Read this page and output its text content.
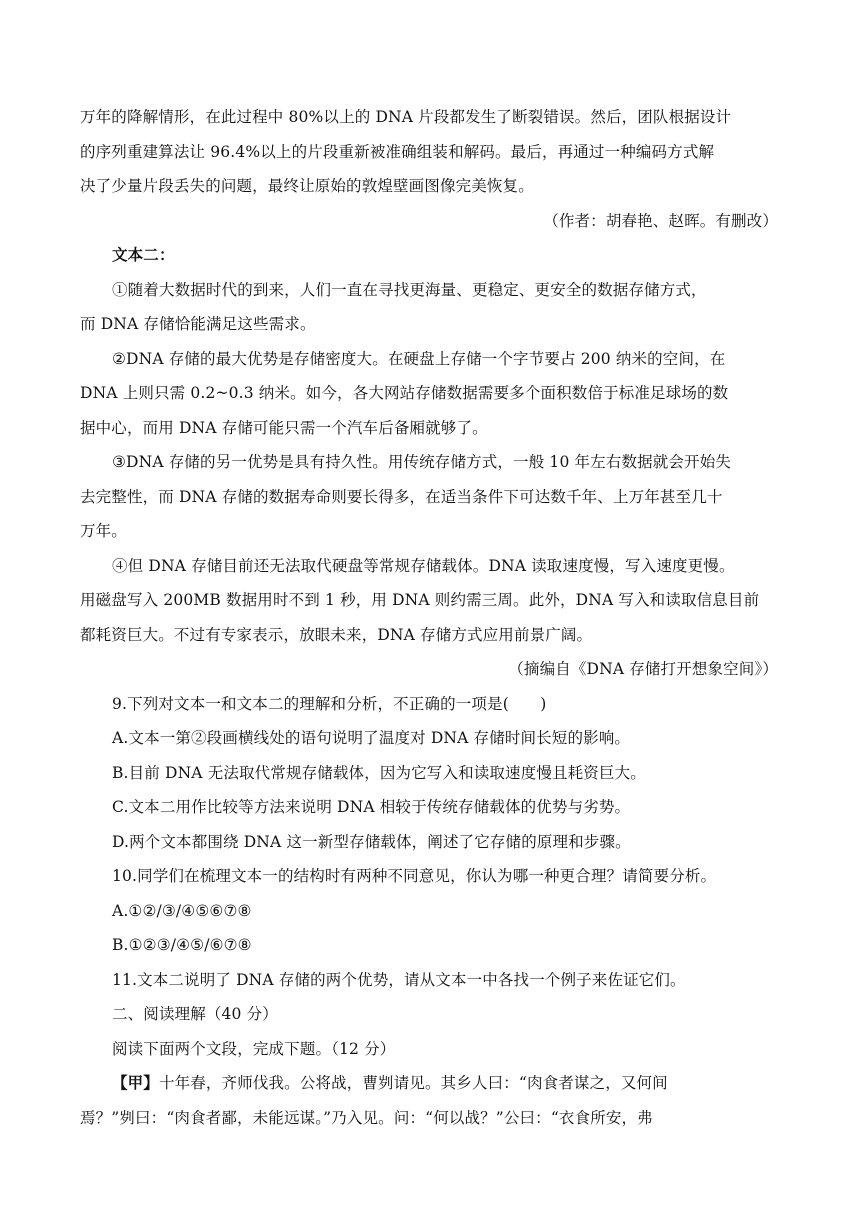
万年的降解情形，在此过程中 80%以上的 DNA 片段都发生了断裂错误。然后，团队根据设计
的序列重建算法让 96.4%以上的片段重新被准确组装和解码。最后，再通过一种编码方式解
决了少量片段丢失的问题，最终让原始的敦煌壁画图像完美恢复。
（作者：胡春艳、赵晖。有删改）
文本二：
①随着大数据时代的到来，人们一直在寻找更海量、更稳定、更安全的数据存储方式，
而 DNA 存储恰能满足这些需求。
②DNA 存储的最大优势是存储密度大。在硬盘上存储一个字节要占 200 纳米的空间，在
DNA 上则只需 0.2~0.3 纳米。如今，各大网站存储数据需要多个面积数倍于标准足球场的数
据中心，而用 DNA 存储可能只需一个汽车后备厢就够了。
③DNA 存储的另一优势是具有持久性。用传统存储方式，一般 10 年左右数据就会开始失
去完整性，而 DNA 存储的数据寿命则要长得多，在适当条件下可达数千年、上万年甚至几十
万年。
④但 DNA 存储目前还无法取代硬盘等常规存储载体。DNA 读取速度慢，写入速度更慢。
用磁盘写入 200MB 数据用时不到 1 秒，用 DNA 则约需三周。此外，DNA 写入和读取信息目前
都耗资巨大。不过有专家表示，放眼未来，DNA 存储方式应用前景广阔。
（摘编自《DNA 存储打开想象空间》）
9.下列对文本一和文本二的理解和分析，不正确的一项是(　　)
A.文本一第②段画横线处的语句说明了温度对 DNA 存储时间长短的影响。
B.目前 DNA 无法取代常规存储载体，因为它写入和读取速度慢且耗资巨大。
C.文本二用作比较等方法来说明 DNA 相较于传统存储载体的优势与劣势。
D.两个文本都围绕 DNA 这一新型存储载体，阐述了它存储的原理和步骤。
10.同学们在梳理文本一的结构时有两种不同意见，你认为哪一种更合理？请简要分析。
A.①②/③/④⑤⑥⑦⑧
B.①②③/④⑤/⑥⑦⑧
11.文本二说明了 DNA 存储的两个优势，请从文本一中各找一个例子来佐证它们。
二、阅读理解（40 分）
阅读下面两个文段，完成下题。（12 分）
【甲】十年春，齐师伐我。公将战，曹刿请见。其乡人曰：“肉食者谋之，又何间
焉？”刿曰：“肉食者鄙，未能远谋。”乃入见。问：“何以战？”公曰：“衣食所安，弗
